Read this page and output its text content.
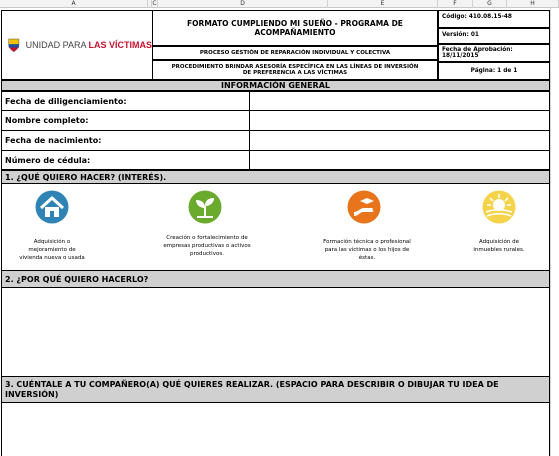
A	C	D	E	F	G	H
UNIDAD PARA LAS VÍCTIMAS
FORMATO CUMPLIENDO MI SUEÑO - PROGRAMA DE ACOMPAÑAMIENTO
PROCESO GESTIÓN DE REPARACIÓN INDIVIDUAL Y COLECTIVA
PROCEDIMIENTO BRINDAR ASESORÍA ESPECÍFICA EN LAS LÍNEAS DE INVERSIÓN DE PREFERENCIA A LAS VÍCTIMAS
Código: 410.08.15-48
Versión: 01
Fecha de Aprobación: 18/11/2015
Página: 1 de 1
INFORMACIÓN GENERAL
Fecha de diligenciamiento:
Nombre completo:
Fecha de nacimiento:
Número de cédula:
1. ¿QUÉ QUIERO HACER? (INTERÉS).
Adquisición o mejoramiento de vivienda nueva o usada
Creación o fortalecimiento de empresas productivas o activos productivos.
Formación técnica o profesional para las víctimas o los hijos de éstas.
Adquisición de inmuebles rurales.
2. ¿POR QUÉ QUIERO HACERLO?
3. CUÉNTALE A TU COMPAÑERO(A) QUÉ QUIERES REALIZAR. (ESPACIO PARA DESCRIBIR O DIBUJAR TU IDEA DE INVERSIÓN)
